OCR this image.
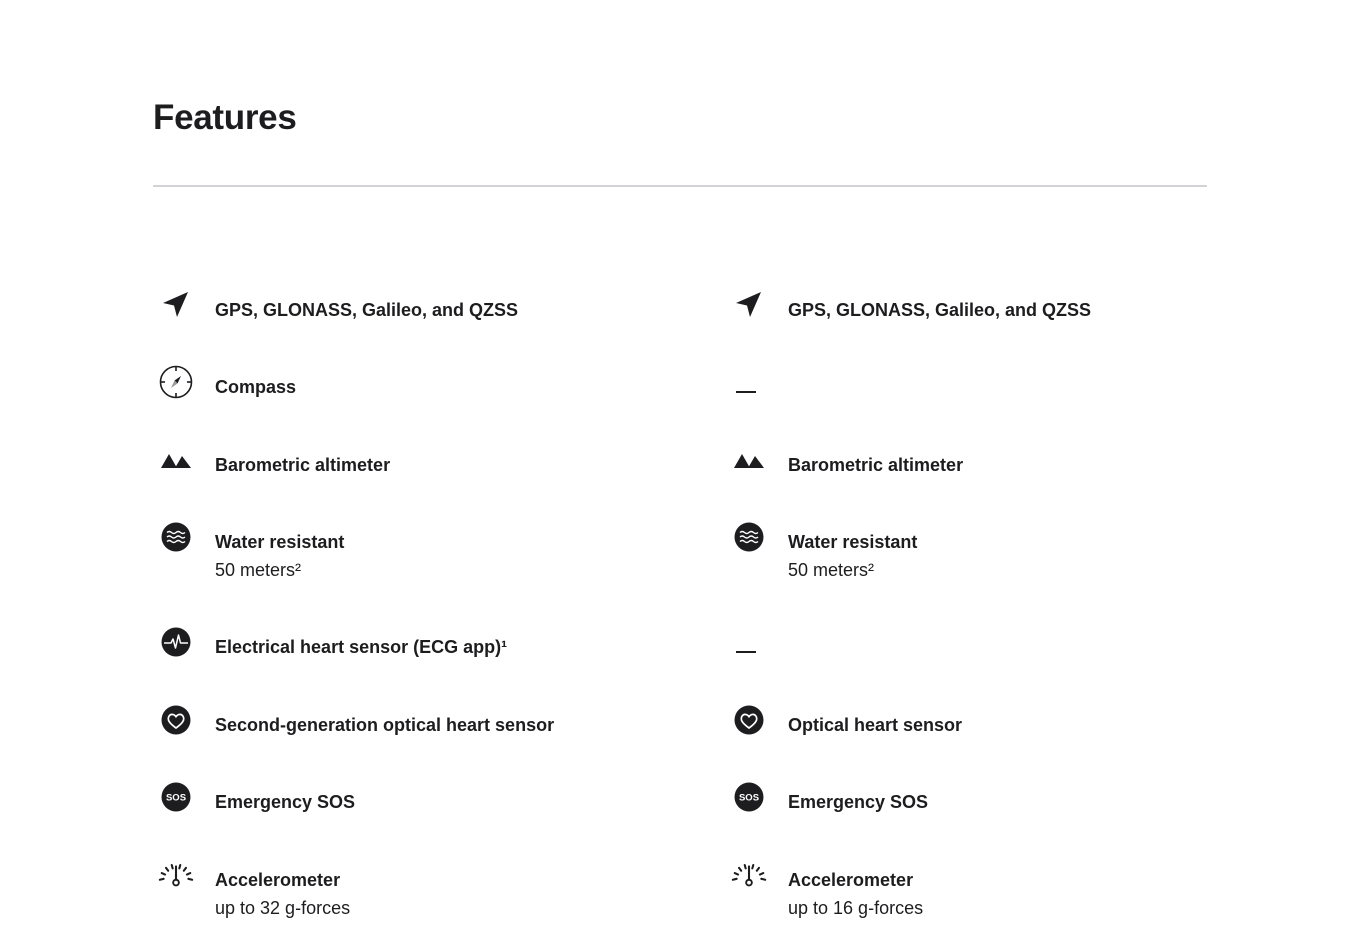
Features
GPS, GLONASS, Galileo, and QZSS
Compass
Barometric altimeter
Water resistant
50 meters²
Electrical heart sensor (ECG app)¹
Second-generation optical heart sensor
SOS Emergency SOS
Accelerometer
up to 32 g-forces
GPS, GLONASS, Galileo, and QZSS
Barometric altimeter
Water resistant
50 meters²
Optical heart sensor
SOS Emergency SOS
Accelerometer
up to 16 g-forces
